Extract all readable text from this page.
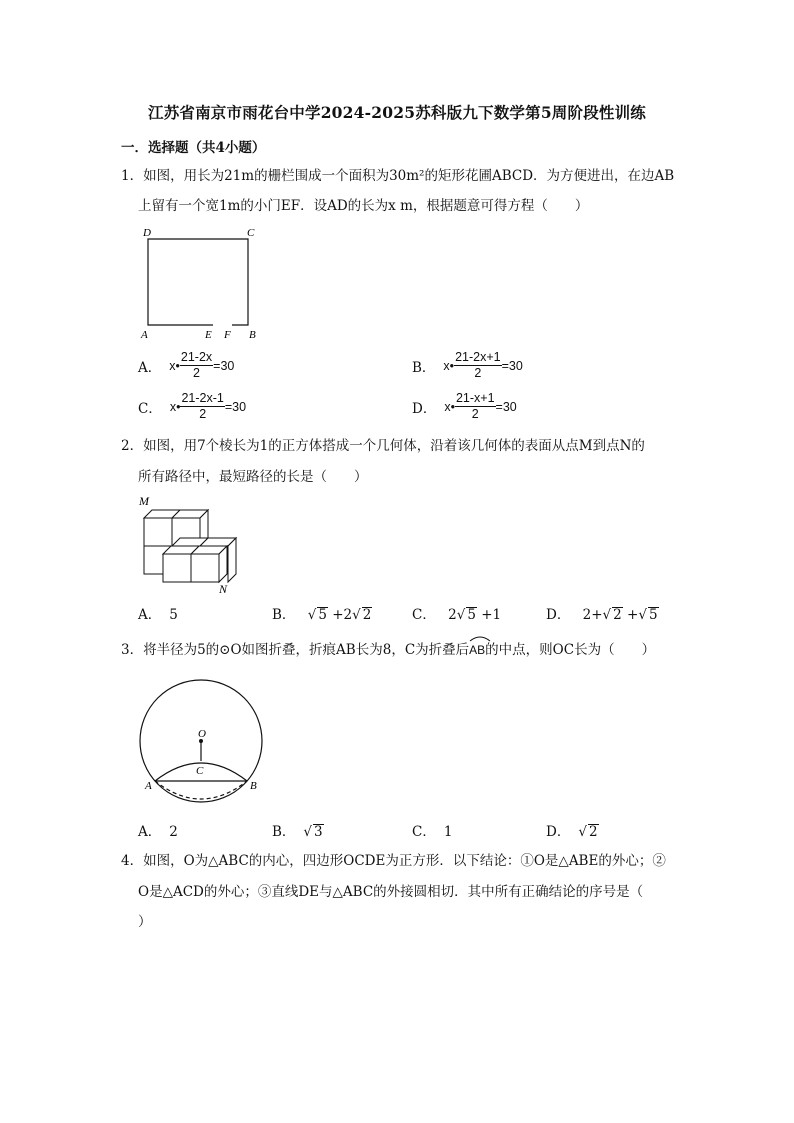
江苏省南京市雨花台中学2024-2025苏科版九下数学第5周阶段性训练
一．选择题（共4小题）
1．如图，用长为21m的栅栏围成一个面积为30m²的矩形花圃ABCD．为方便进出，在边AB
上留有一个宽1m的小门EF．设AD的长为x m，根据题意可得方程（　　）
D	C
A	E F B
A． x• $\frac{21-2x}{2} =30$	B． x• $\frac{21-2x+1}{2} =30$
C． x• $\frac{21-2x-1}{2} =30$	D． x• $\frac{21-x+1}{2} =30$
2．如图，用7个棱长为1的正方体搭成一个几何体，沿着该几何体的表面从点M到点N的
所有路径中，最短路径的长是（　　）
M
N
A． 5	B． √ 5 +2√ 2	C． 2√ 5 +1	D． 2+√ 2 +√ 5
3．将半径为5的⊙O如图折叠，折痕AB长为8，C为折叠后
AB的中点，则OC长为（　　）
O
C
A	B
A． 2	B． √ 3	C． 1	D． √ 2
4．如图，O为△ABC的内心，四边形OCDE为正方形．以下结论：①O是△ABE的外心；②
O是△ACD的外心；③直线DE与△ABC的外接圆相切．其中所有正确结论的序号是（
）
